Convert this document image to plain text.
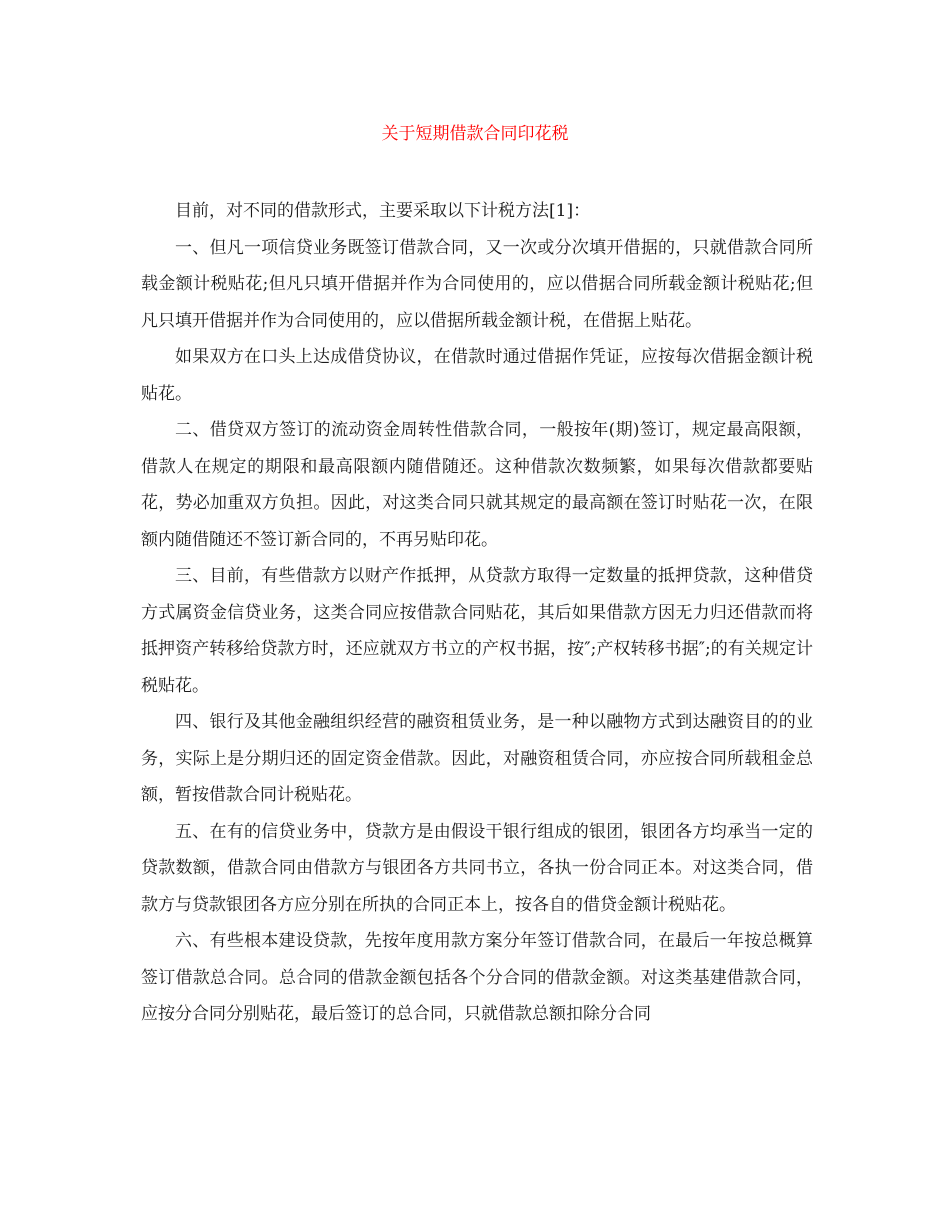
关于短期借款合同印花税

目前，对不同的借款形式，主要采取以下计税方法[1]：

一、但凡一项信贷业务既签订借款合同，又一次或分次填开借据的，只就借款合同所载金额计税贴花;但凡只填开借据并作为合同使用的，应以借据合同所载金额计税贴花;但凡只填开借据并作为合同使用的，应以借据所载金额计税，在借据上贴花。

如果双方在口头上达成借贷协议，在借款时通过借据作凭证，应按每次借据金额计税贴花。

二、借贷双方签订的流动资金周转性借款合同，一般按年(期)签订，规定最高限额，借款人在规定的期限和最高限额内随借随还。这种借款次数频繁，如果每次借款都要贴花，势必加重双方负担。因此，对这类合同只就其规定的最高额在签订时贴花一次，在限额内随借随还不签订新合同的，不再另贴印花。

三、目前，有些借款方以财产作抵押，从贷款方取得一定数量的抵押贷款，这种借贷方式属资金信贷业务，这类合同应按借款合同贴花，其后如果借款方因无力归还借款而将抵押资产转移给贷款方时，还应就双方书立的产权书据，按″;产权转移书据″;的有关规定计税贴花。

四、银行及其他金融组织经营的融资租赁业务，是一种以融物方式到达融资目的的业务，实际上是分期归还的固定资金借款。因此，对融资租赁合同，亦应按合同所载租金总额，暂按借款合同计税贴花。

五、在有的信贷业务中，贷款方是由假设干银行组成的银团，银团各方均承当一定的贷款数额，借款合同由借款方与银团各方共同书立，各执一份合同正本。对这类合同，借款方与贷款银团各方应分别在所执的合同正本上，按各自的借贷金额计税贴花。

六、有些根本建设贷款，先按年度用款方案分年签订借款合同，在最后一年按总概算签订借款总合同。总合同的借款金额包括各个分合同的借款金额。对这类基建借款合同，应按分合同分别贴花，最后签订的总合同，只就借款总额扣除分合同
